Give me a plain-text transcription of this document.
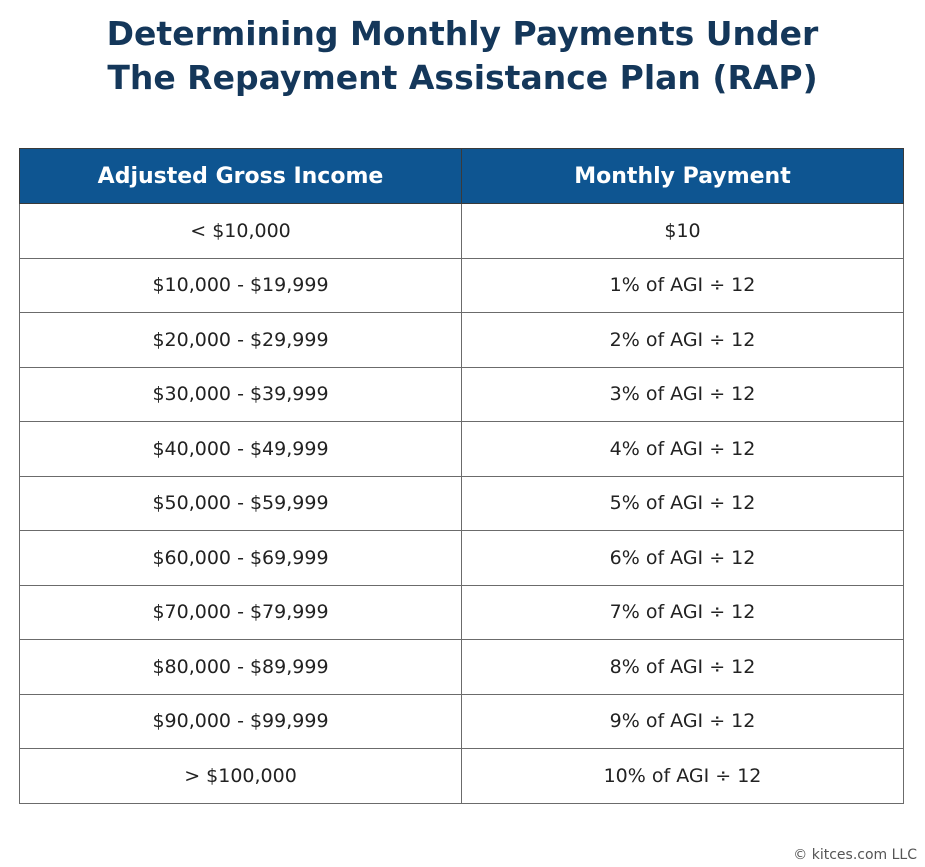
Determining Monthly Payments Under
The Repayment Assistance Plan (RAP)
Adjusted Gross Income	Monthly Payment
< $10,000	$10
$10,000 - $19,999	1% of AGI ÷ 12
$20,000 - $29,999	2% of AGI ÷ 12
$30,000 - $39,999	3% of AGI ÷ 12
$40,000 - $49,999	4% of AGI ÷ 12
$50,000 - $59,999	5% of AGI ÷ 12
$60,000 - $69,999	6% of AGI ÷ 12
$70,000 - $79,999	7% of AGI ÷ 12
$80,000 - $89,999	8% of AGI ÷ 12
$90,000 - $99,999	9% of AGI ÷ 12
> $100,000	10% of AGI ÷ 12
© kitces.com LLC
